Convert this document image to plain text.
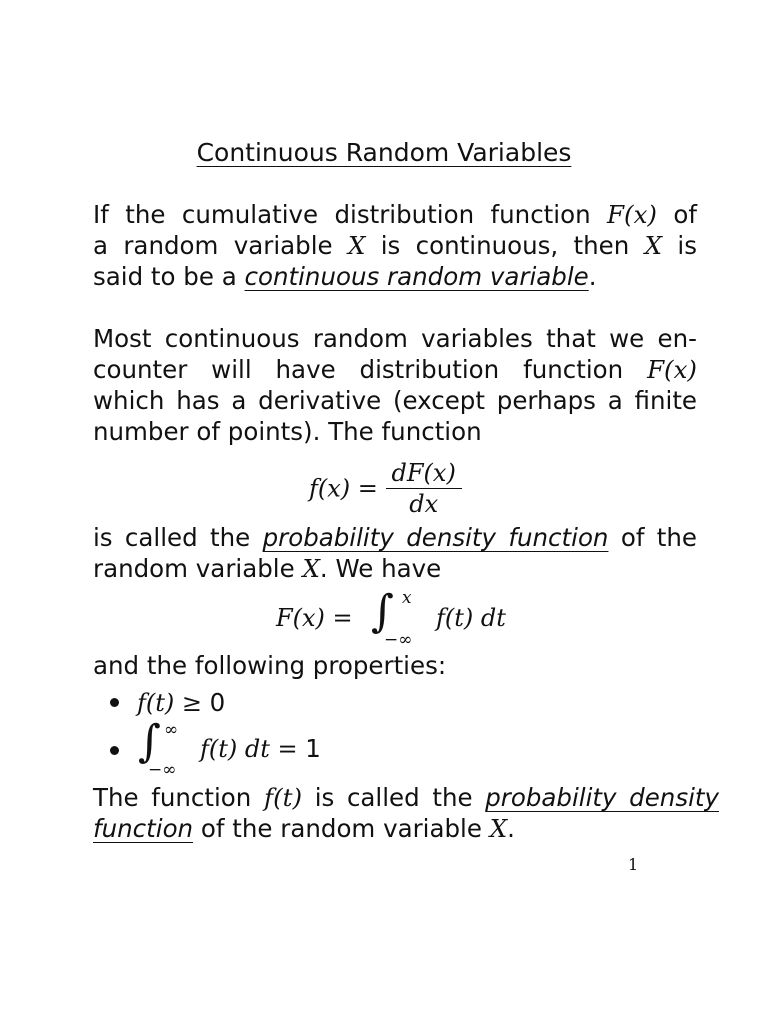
Continuous Random Variables
If the cumulative distribution function F(x) of
a random variable X is continuous, then X is
said to be a continuous random variable.
Most continuous random variables that we en-
counter will have distribution function F(x)
which has a derivative (except perhaps a finite
number of points). The function
$f(x) = \frac{dF(x)}{dx}$
is called the probability density function of the
random variable X. We have
F(x) = ∫ x
−∞
f(t) dt
and the following properties:
f(t) ≥ 0
∫ ∞
−∞
f(t) dt = 1
The function f(t) is called the probability density
function of the random variable X.
1
